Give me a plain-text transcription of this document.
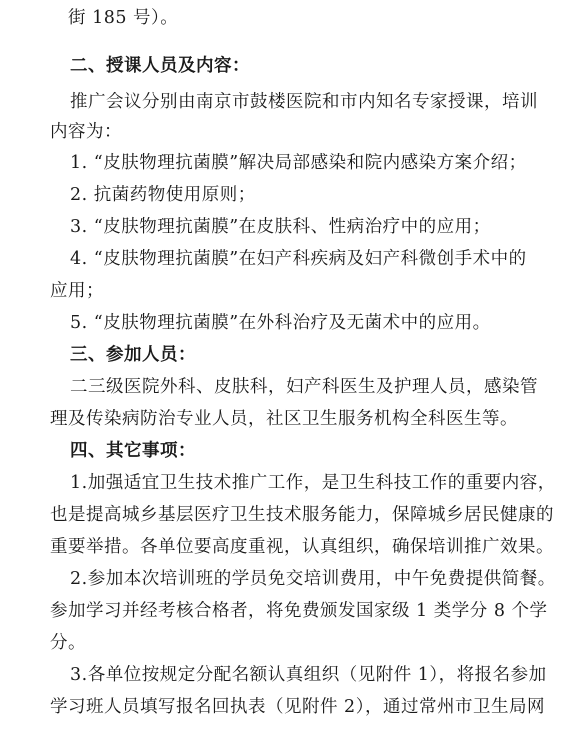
街 185 号）。
二、授课人员及内容：
推广会议分别由南京市鼓楼医院和市内知名专家授课，培训
内容为：
1. “皮肤物理抗菌膜”解决局部感染和院内感染方案介绍；
2. 抗菌药物使用原则；
3. “皮肤物理抗菌膜”在皮肤科、性病治疗中的应用；
4. “皮肤物理抗菌膜”在妇产科疾病及妇产科微创手术中的
应用；
5. “皮肤物理抗菌膜”在外科治疗及无菌术中的应用。
三、参加人员：
二三级医院外科、皮肤科，妇产科医生及护理人员，感染管
理及传染病防治专业人员，社区卫生服务机构全科医生等。
四、其它事项：
1.加强适宜卫生技术推广工作，是卫生科技工作的重要内容，
也是提高城乡基层医疗卫生技术服务能力，保障城乡居民健康的
重要举措。各单位要高度重视，认真组织，确保培训推广效果。
2.参加本次培训班的学员免交培训费用，中午免费提供简餐。
参加学习并经考核合格者，将免费颁发国家级 1 类学分 8 个学
分。
3.各单位按规定分配名额认真组织（见附件 1），将报名参加
学习班人员填写报名回执表（见附件 2），通过常州市卫生局网
